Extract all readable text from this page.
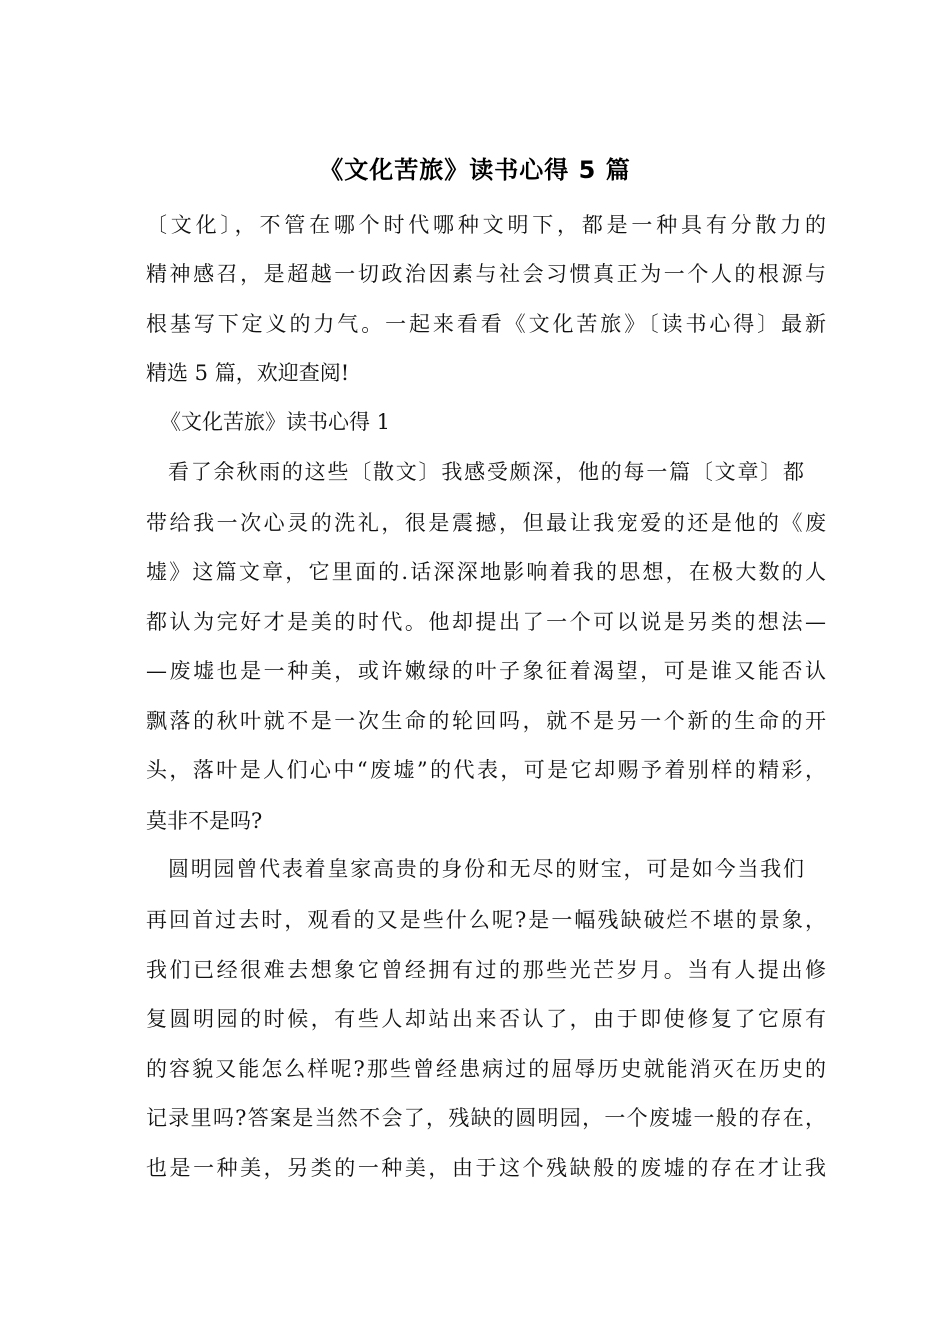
《文化苦旅》读书心得 5 篇

〔文化〕，不管在哪个时代哪种文明下，都是一种具有分散力的

精神感召，是超越一切政治因素与社会习惯真正为一个人的根源与

根基写下定义的力气。一起来看看《文化苦旅》〔读书心得〕最新

精选 5 篇，欢迎查阅!

《文化苦旅》读书心得 1

看了余秋雨的这些〔散文〕我感受颇深，他的每一篇〔文章〕都

带给我一次心灵的洗礼，很是震撼，但最让我宠爱的还是他的《废

墟》这篇文章，它里面的.话深深地影响着我的思想，在极大数的人

都认为完好才是美的时代。他却提出了一个可以说是另类的想法—

—废墟也是一种美，或许嫩绿的叶子象征着渴望，可是谁又能否认

飘落的秋叶就不是一次生命的轮回吗，就不是另一个新的生命的开

头，落叶是人们心中“废墟”的代表，可是它却赐予着别样的精彩，

莫非不是吗?

圆明园曾代表着皇家高贵的身份和无尽的财宝，可是如今当我们

再回首过去时，观看的又是些什么呢?是一幅残缺破烂不堪的景象，

我们已经很难去想象它曾经拥有过的那些光芒岁月。当有人提出修

复圆明园的时候，有些人却站出来否认了，由于即使修复了它原有

的容貌又能怎么样呢?那些曾经患病过的屈辱历史就能消灭在历史的

记录里吗?答案是当然不会了，残缺的圆明园，一个废墟一般的存在，

也是一种美，另类的一种美，由于这个残缺般的废墟的存在才让我
